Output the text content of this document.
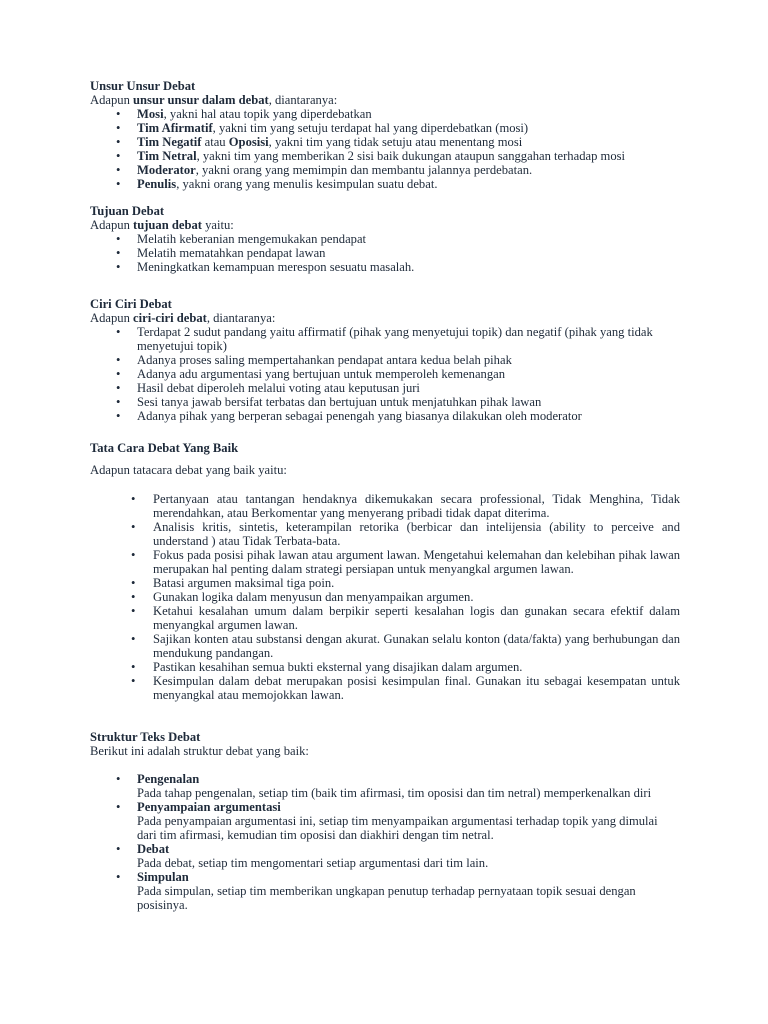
Unsur Unsur Debat

Adapun unsur unsur dalam debat, diantaranya:

• Mosi, yakni hal atau topik yang diperdebatkan
• Tim Afirmatif, yakni tim yang setuju terdapat hal yang diperdebatkan (mosi)
• Tim Negatif atau Oposisi, yakni tim yang tidak setuju atau menentang mosi
• Tim Netral, yakni tim yang memberikan 2 sisi baik dukungan ataupun sanggahan terhadap mosi
• Moderator, yakni orang yang memimpin dan membantu jalannya perdebatan.
• Penulis, yakni orang yang menulis kesimpulan suatu debat.

Tujuan Debat

Adapun tujuan debat yaitu:

• Melatih keberanian mengemukakan pendapat
• Melatih mematahkan pendapat lawan
• Meningkatkan kemampuan merespon sesuatu masalah.

Ciri Ciri Debat

Adapun ciri-ciri debat, diantaranya:

• Terdapat 2 sudut pandang yaitu affirmatif (pihak yang menyetujui topik) dan negatif (pihak yang tidak menyetujui topik)
• Adanya proses saling mempertahankan pendapat antara kedua belah pihak
• Adanya adu argumentasi yang bertujuan untuk memperoleh kemenangan
• Hasil debat diperoleh melalui voting atau keputusan juri
• Sesi tanya jawab bersifat terbatas dan bertujuan untuk menjatuhkan pihak lawan
• Adanya pihak yang berperan sebagai penengah yang biasanya dilakukan oleh moderator

Tata Cara Debat Yang Baik

Adapun tatacara debat yang baik yaitu:

• Pertanyaan atau tantangan hendaknya dikemukakan secara professional, Tidak Menghina, Tidak merendahkan, atau Berkomentar yang menyerang pribadi tidak dapat diterima.
• Analisis kritis, sintetis, keterampilan retorika (berbicar dan intelijensia (ability to perceive and understand ) atau Tidak Terbata-bata.
• Fokus pada posisi pihak lawan atau argument lawan. Mengetahui kelemahan dan kelebihan pihak lawan merupakan hal penting dalam strategi persiapan untuk menyangkal argumen lawan.
• Batasi argumen maksimal tiga poin.
• Gunakan logika dalam menyusun dan menyampaikan argumen.
• Ketahui kesalahan umum dalam berpikir seperti kesalahan logis dan gunakan secara efektif dalam menyangkal argumen lawan.
• Sajikan konten atau substansi dengan akurat. Gunakan selalu konton (data/fakta) yang berhubungan dan mendukung pandangan.
• Pastikan kesahihan semua bukti eksternal yang disajikan dalam argumen.
• Kesimpulan dalam debat merupakan posisi kesimpulan final. Gunakan itu sebagai kesempatan untuk menyangkal atau memojokkan lawan.

Struktur Teks Debat

Berikut ini adalah struktur debat yang baik:

• Pengenalan
Pada tahap pengenalan, setiap tim (baik tim afirmasi, tim oposisi dan tim netral) memperkenalkan diri
• Penyampaian argumentasi
Pada penyampaian argumentasi ini, setiap tim menyampaikan argumentasi terhadap topik yang dimulai dari tim afirmasi, kemudian tim oposisi dan diakhiri dengan tim netral.
• Debat
Pada debat, setiap tim mengomentari setiap argumentasi dari tim lain.
• Simpulan
Pada simpulan, setiap tim memberikan ungkapan penutup terhadap pernyataan topik sesuai dengan posisinya.
